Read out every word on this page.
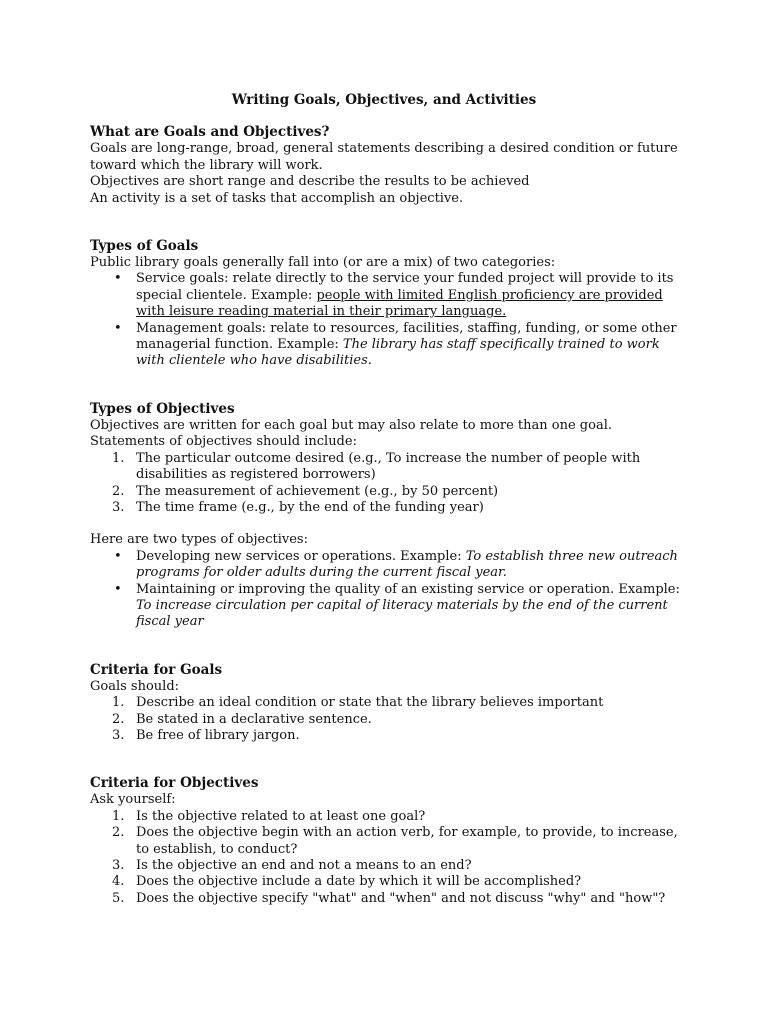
Writing Goals, Objectives, and Activities
What are Goals and Objectives?

Goals are long-range, broad, general statements describing a desired condition or future toward which the library will work.

Objectives are short range and describe the results to be achieved

An activity is a set of tasks that accomplish an objective.

Types of Goals

Public library goals generally fall into (or are a mix) of two categories:

• Service goals: relate directly to the service your funded project will provide to its special clientele. Example: people with limited English proficiency are provided with leisure reading material in their primary language.
• Management goals: relate to resources, facilities, staffing, funding, or some other managerial function. Example: The library has staff specifically trained to work with clientele who have disabilities.
Types of Objectives

Objectives are written for each goal but may also relate to more than one goal.

Statements of objectives should include:

1. The particular outcome desired (e.g., To increase the number of people with disabilities as registered borrowers)
2. The measurement of achievement (e.g., by 50 percent)
3. The time frame (e.g., by the end of the funding year)

Here are two types of objectives:

• Developing new services or operations. Example: To establish three new outreach programs for older adults during the current fiscal year.
• Maintaining or improving the quality of an existing service or operation. Example: To increase circulation per capital of literacy materials by the end of the current fiscal year
Criteria for Goals

Goals should:

1. Describe an ideal condition or state that the library believes important
2. Be stated in a declarative sentence.
3. Be free of library jargon.
Criteria for Objectives

Ask yourself:

1. Is the objective related to at least one goal?
2. Does the objective begin with an action verb, for example, to provide, to increase, to establish, to conduct?
3. Is the objective an end and not a means to an end?
4. Does the objective include a date by which it will be accomplished?
5. Does the objective specify "what" and "when" and not discuss "why" and "how"?
